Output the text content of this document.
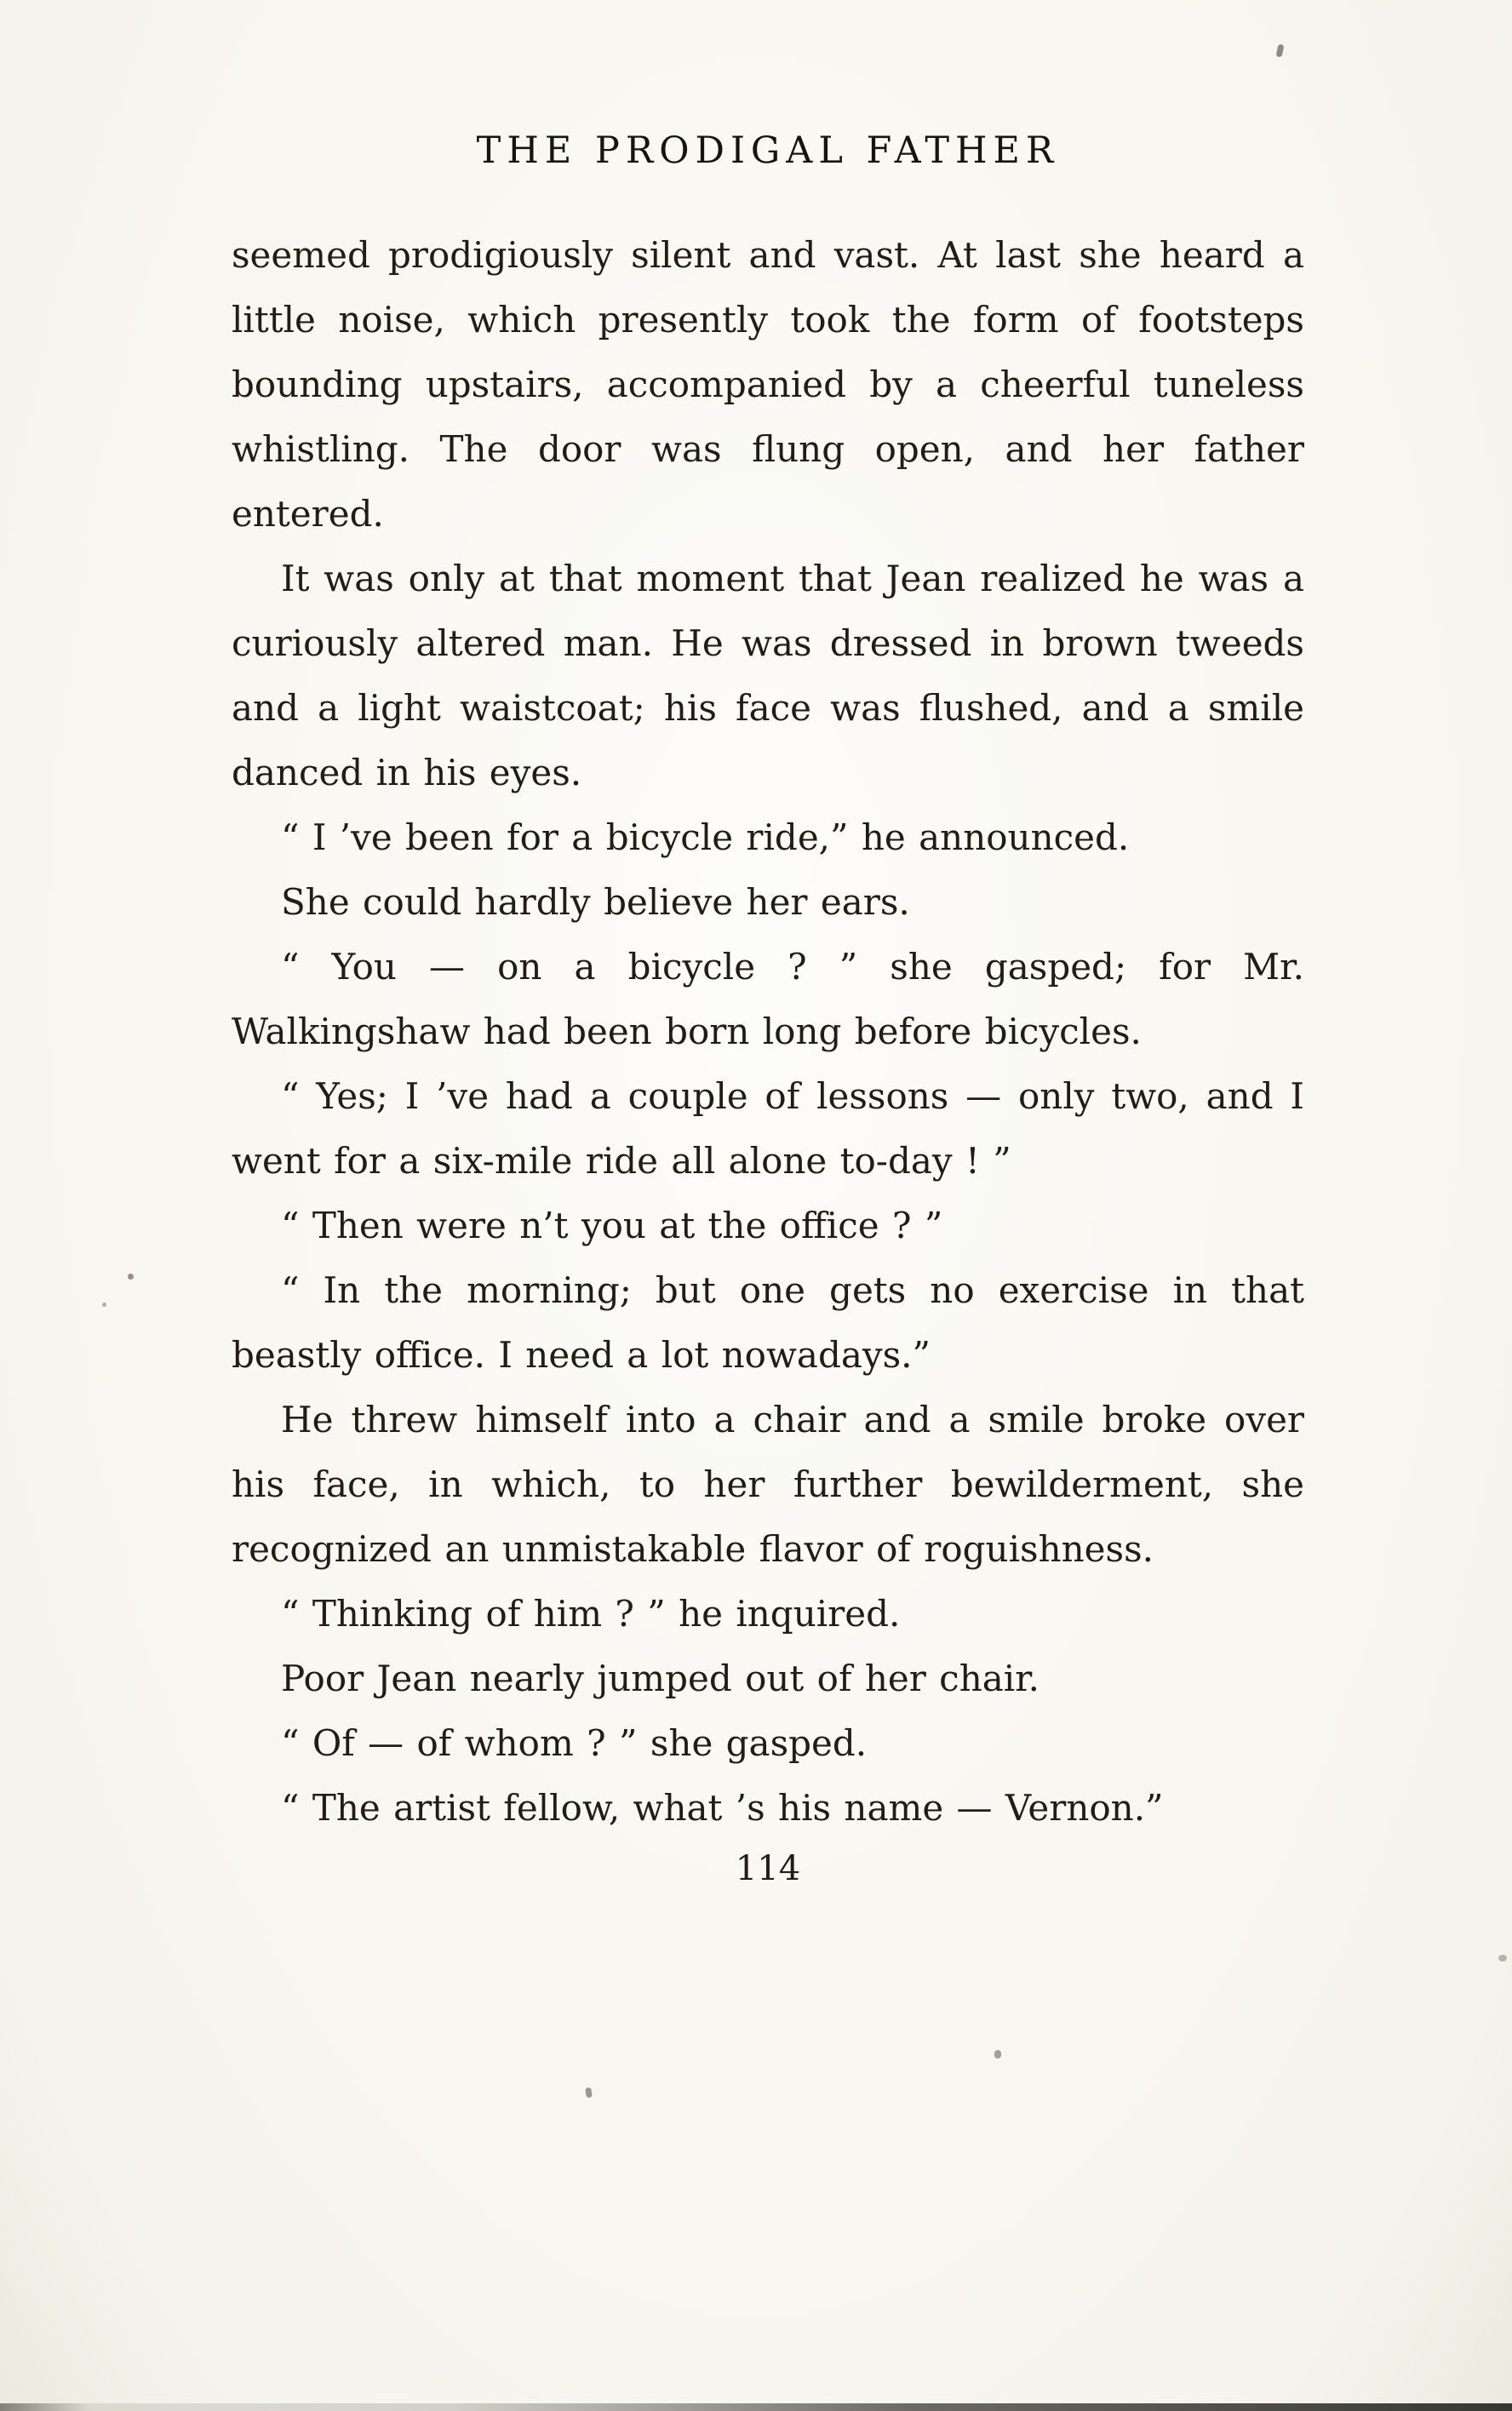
THE PRODIGAL FATHER

seemed prodigiously silent and vast. At last she heard a little noise, which presently took the form of footsteps bounding upstairs, accompanied by a cheerful tuneless whistling. The door was flung open, and her father entered.

It was only at that moment that Jean realized he was a curiously altered man. He was dressed in brown tweeds and a light waistcoat; his face was flushed, and a smile danced in his eyes.

“ I ’ve been for a bicycle ride,” he announced.

She could hardly believe her ears.

“ You — on a bicycle ? ” she gasped; for Mr. Walkingshaw had been born long before bicycles.

“ Yes; I ’ve had a couple of lessons — only two, and I went for a six-mile ride all alone to-day ! ”

“ Then were n’t you at the office ? ”

“ In the morning; but one gets no exercise in that beastly office. I need a lot nowadays.”

He threw himself into a chair and a smile broke over his face, in which, to her further bewilderment, she recognized an unmistakable flavor of roguishness.

“ Thinking of him ? ” he inquired.

Poor Jean nearly jumped out of her chair.

“ Of — of whom ? ” she gasped.

“ The artist fellow, what ’s his name — Vernon.”

114
